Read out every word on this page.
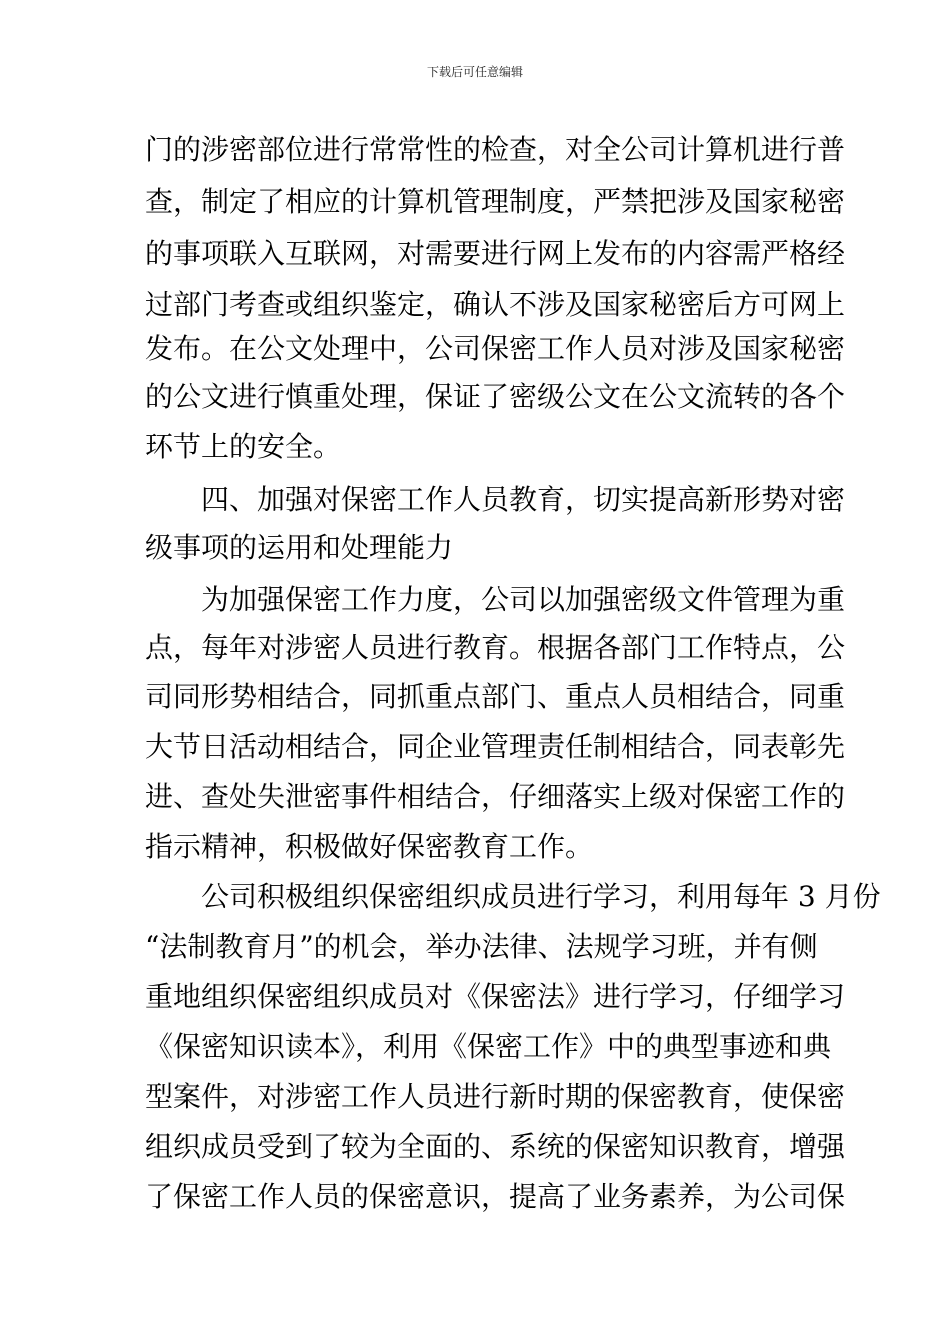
下载后可任意编辑
门的涉密部位进行常常性的检查，对全公司计算机进行普
查，制定了相应的计算机管理制度，严禁把涉及国家秘密
的事项联入互联网，对需要进行网上发布的内容需严格经
过部门考查或组织鉴定，确认不涉及国家秘密后方可网上
发布。在公文处理中，公司保密工作人员对涉及国家秘密
的公文进行慎重处理，保证了密级公文在公文流转的各个
环节上的安全。
四、加强对保密工作人员教育，切实提高新形势对密
级事项的运用和处理能力
为加强保密工作力度，公司以加强密级文件管理为重
点，每年对涉密人员进行教育。根据各部门工作特点，公
司同形势相结合，同抓重点部门、重点人员相结合，同重
大节日活动相结合，同企业管理责任制相结合，同表彰先
进、查处失泄密事件相结合，仔细落实上级对保密工作的
指示精神，积极做好保密教育工作。
公司积极组织保密组织成员进行学习，利用每年 3 月份
“法制教育月”的机会，举办法律、法规学习班，并有侧
重地组织保密组织成员对《保密法》进行学习，仔细学习
《保密知识读本》，利用《保密工作》中的典型事迹和典
型案件，对涉密工作人员进行新时期的保密教育，使保密
组织成员受到了较为全面的、系统的保密知识教育，增强
了保密工作人员的保密意识，提高了业务素养，为公司保
